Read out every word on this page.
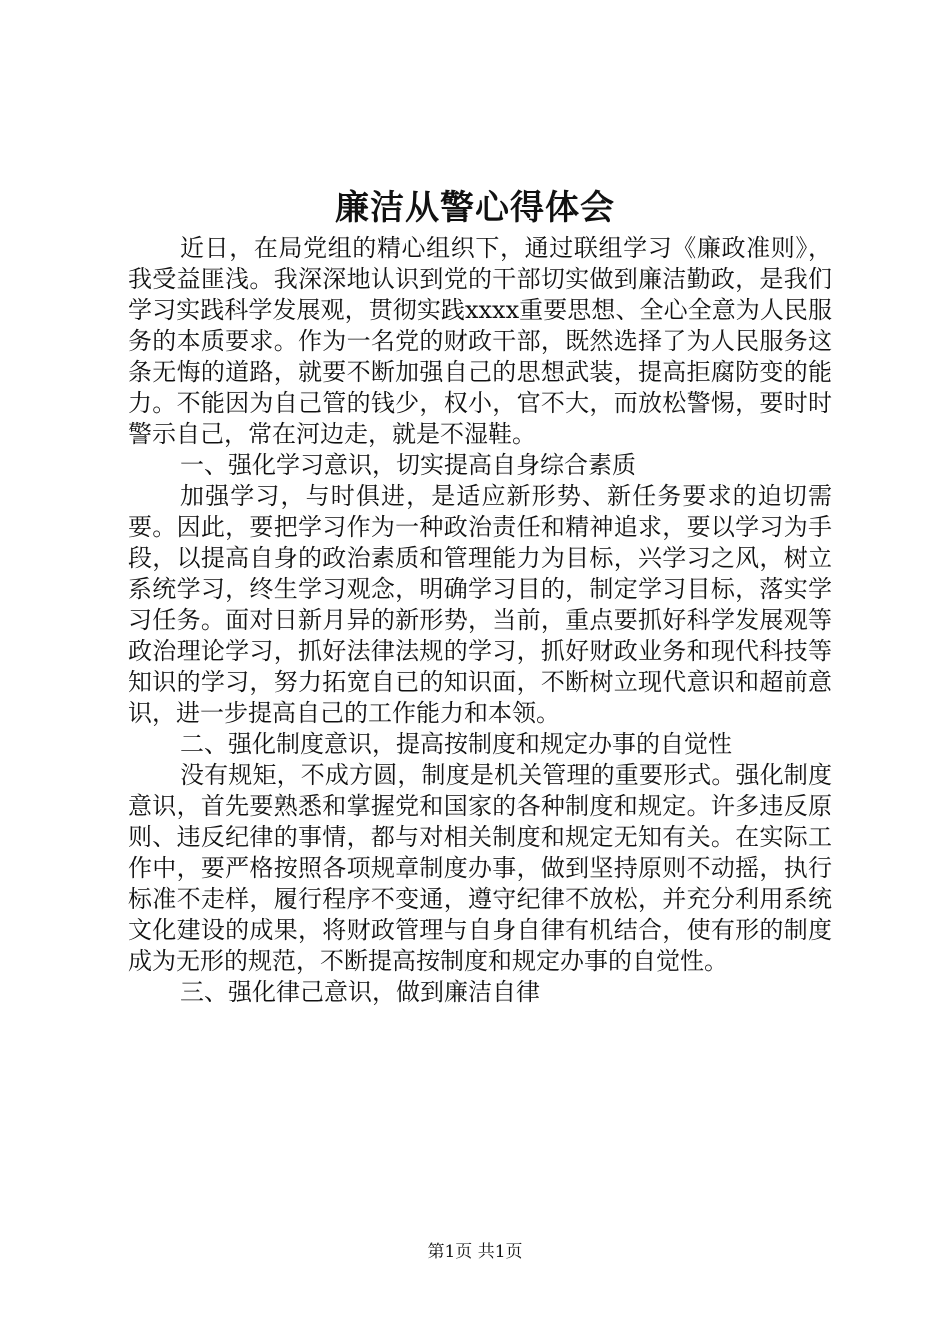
廉洁从警心得体会

近日，在局党组的精心组织下，通过联组学习《廉政准则》，我受益匪浅。我深深地认识到党的干部切实做到廉洁勤政，是我们学习实践科学发展观，贯彻实践xxxx重要思想、全心全意为人民服务的本质要求。作为一名党的财政干部，既然选择了为人民服务这条无悔的道路，就要不断加强自己的思想武装，提高拒腐防变的能力。不能因为自己管的钱少，权小，官不大，而放松警惕，要时时警示自己，常在河边走，就是不湿鞋。

一、强化学习意识，切实提高自身综合素质

加强学习，与时俱进，是适应新形势、新任务要求的迫切需要。因此，要把学习作为一种政治责任和精神追求，要以学习为手段，以提高自身的政治素质和管理能力为目标，兴学习之风，树立系统学习，终生学习观念，明确学习目的，制定学习目标，落实学习任务。面对日新月异的新形势，当前，重点要抓好科学发展观等政治理论学习，抓好法律法规的学习，抓好财政业务和现代科技等知识的学习，努力拓宽自已的知识面，不断树立现代意识和超前意识，进一步提高自己的工作能力和本领。

二、强化制度意识，提高按制度和规定办事的自觉性

没有规矩，不成方圆，制度是机关管理的重要形式。强化制度意识，首先要熟悉和掌握党和国家的各种制度和规定。许多违反原则、违反纪律的事情，都与对相关制度和规定无知有关。在实际工作中，要严格按照各项规章制度办事，做到坚持原则不动摇，执行标准不走样，履行程序不变通，遵守纪律不放松，并充分利用系统文化建设的成果，将财政管理与自身自律有机结合，使有形的制度成为无形的规范，不断提高按制度和规定办事的自觉性。

三、强化律己意识，做到廉洁自律

第1页 共1页
